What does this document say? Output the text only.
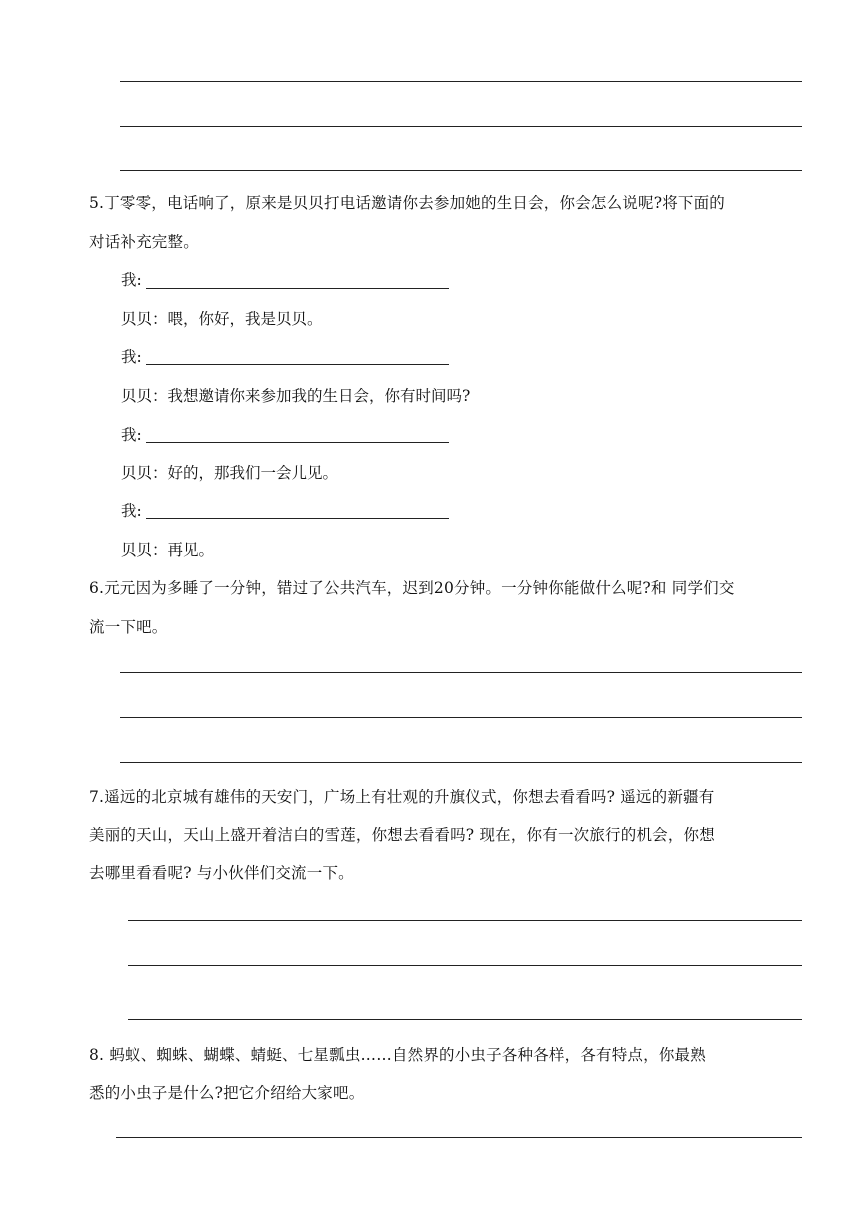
5.丁零零，电话响了，原来是贝贝打电话邀请你去参加她的生日会，你会怎么说呢?将下面的
对话补充完整。
我:
贝贝：喂，你好，我是贝贝。
我:
贝贝：我想邀请你来参加我的生日会，你有时间吗?
我:
贝贝：好的，那我们一会儿见。
我:
贝贝：再见。
6.元元因为多睡了一分钟，错过了公共汽车，迟到20分钟。一分钟你能做什么呢?和 同学们交
流一下吧。
7.遥远的北京城有雄伟的天安门，广场上有壮观的升旗仪式，你想去看看吗? 遥远的新疆有
美丽的天山，天山上盛开着洁白的雪莲，你想去看看吗? 现在，你有一次旅行的机会，你想
去哪里看看呢? 与小伙伴们交流一下。
8. 蚂蚁、蜘蛛、蝴蝶、蜻蜓、七星瓢虫……自然界的小虫子各种各样，各有特点，你最熟
悉的小虫子是什么?把它介绍给大家吧。
